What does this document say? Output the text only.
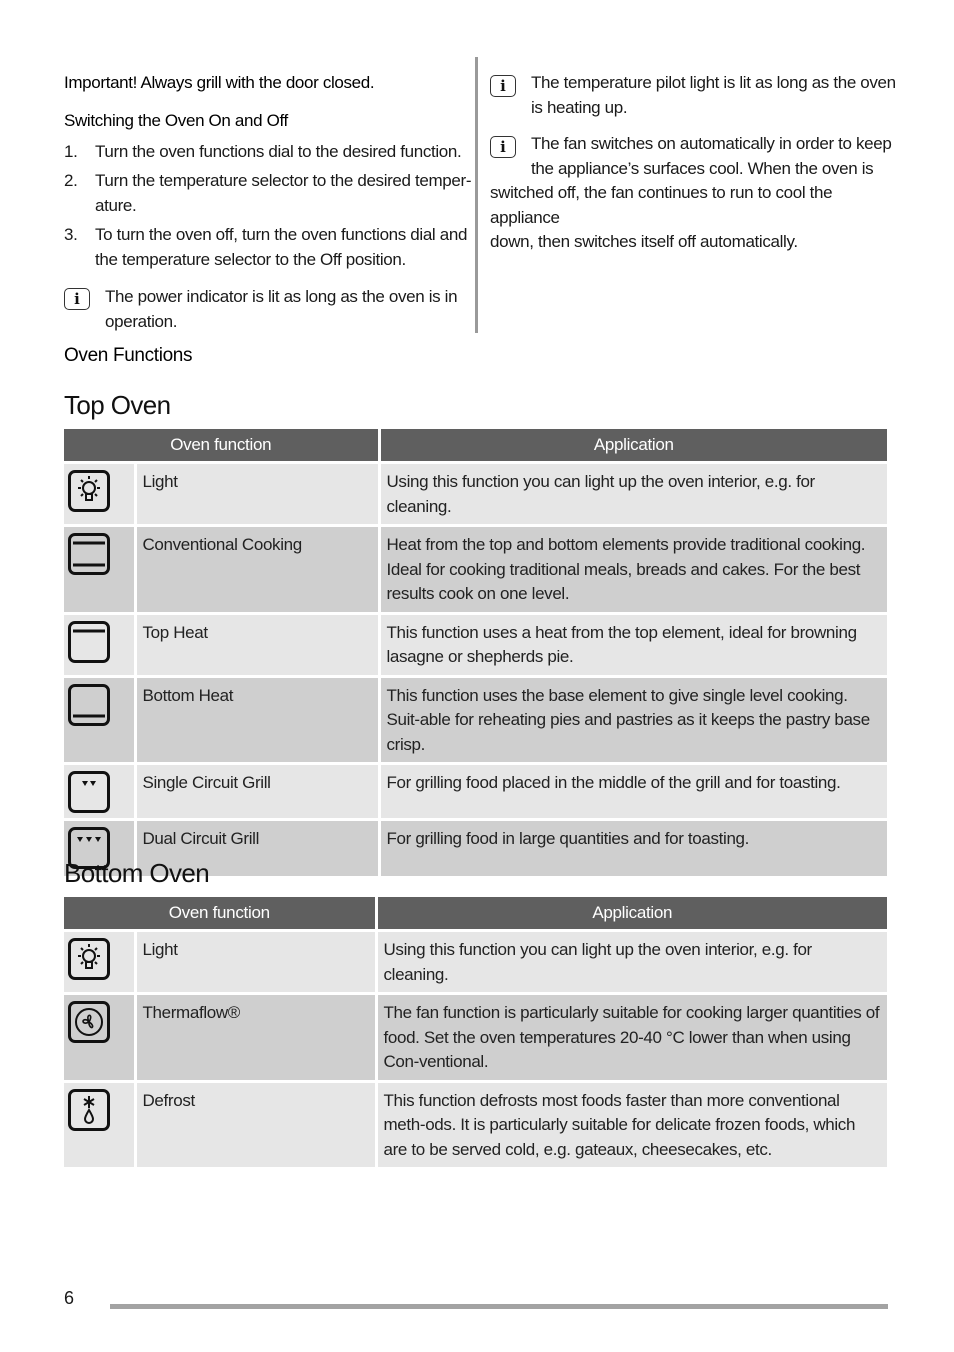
Important! Always grill with the door closed.
Switching the Oven On and Off
1. Turn the oven functions dial to the desired function.
2. Turn the temperature selector to the desired temper-
ature.
3. To turn the oven off, turn the oven functions dial and
the temperature selector to the Off position.
i	The power indicator is lit as long as the oven is in
operation.
Oven Functions
i	The temperature pilot light is lit as long as the oven
is heating up.
i	The fan switches on automatically in order to keep
the appliance’s surfaces cool. When the oven is
switched off, the fan continues to run to cool the appliance
down, then switches itself off automatically.
Top Oven
Oven function		Application

	Light	Using this function you can light up the oven interior, e.g. for cleaning.

	Conventional Cooking	Heat from the top and bottom elements provide traditional cooking. Ideal for cooking traditional meals, breads and cakes. For the best results cook on one level.

	Top Heat	This function uses a heat from the top element, ideal for browning lasagne or shepherds pie.

	Bottom Heat	This function uses the base element to give single level cooking. Suit-able for reheating pies and pastries as it keeps the pastry base crisp.

	Single Circuit Grill	For grilling food placed in the middle of the grill and for toasting.

	Dual Circuit Grill	For grilling food in large quantities and for toasting.
Bottom Oven
Oven function		Application

	Light	Using this function you can light up the oven interior, e.g. for cleaning.

	Thermaflow®	The fan function is particularly suitable for cooking larger quantities of food. Set the oven temperatures 20-40 °C lower than when using Con-ventional.

	Defrost	This function defrosts most foods faster than more conventional meth-ods. It is particularly suitable for delicate frozen foods, which are to be served cold, e.g. gateaux, cheesecakes, etc.
6
